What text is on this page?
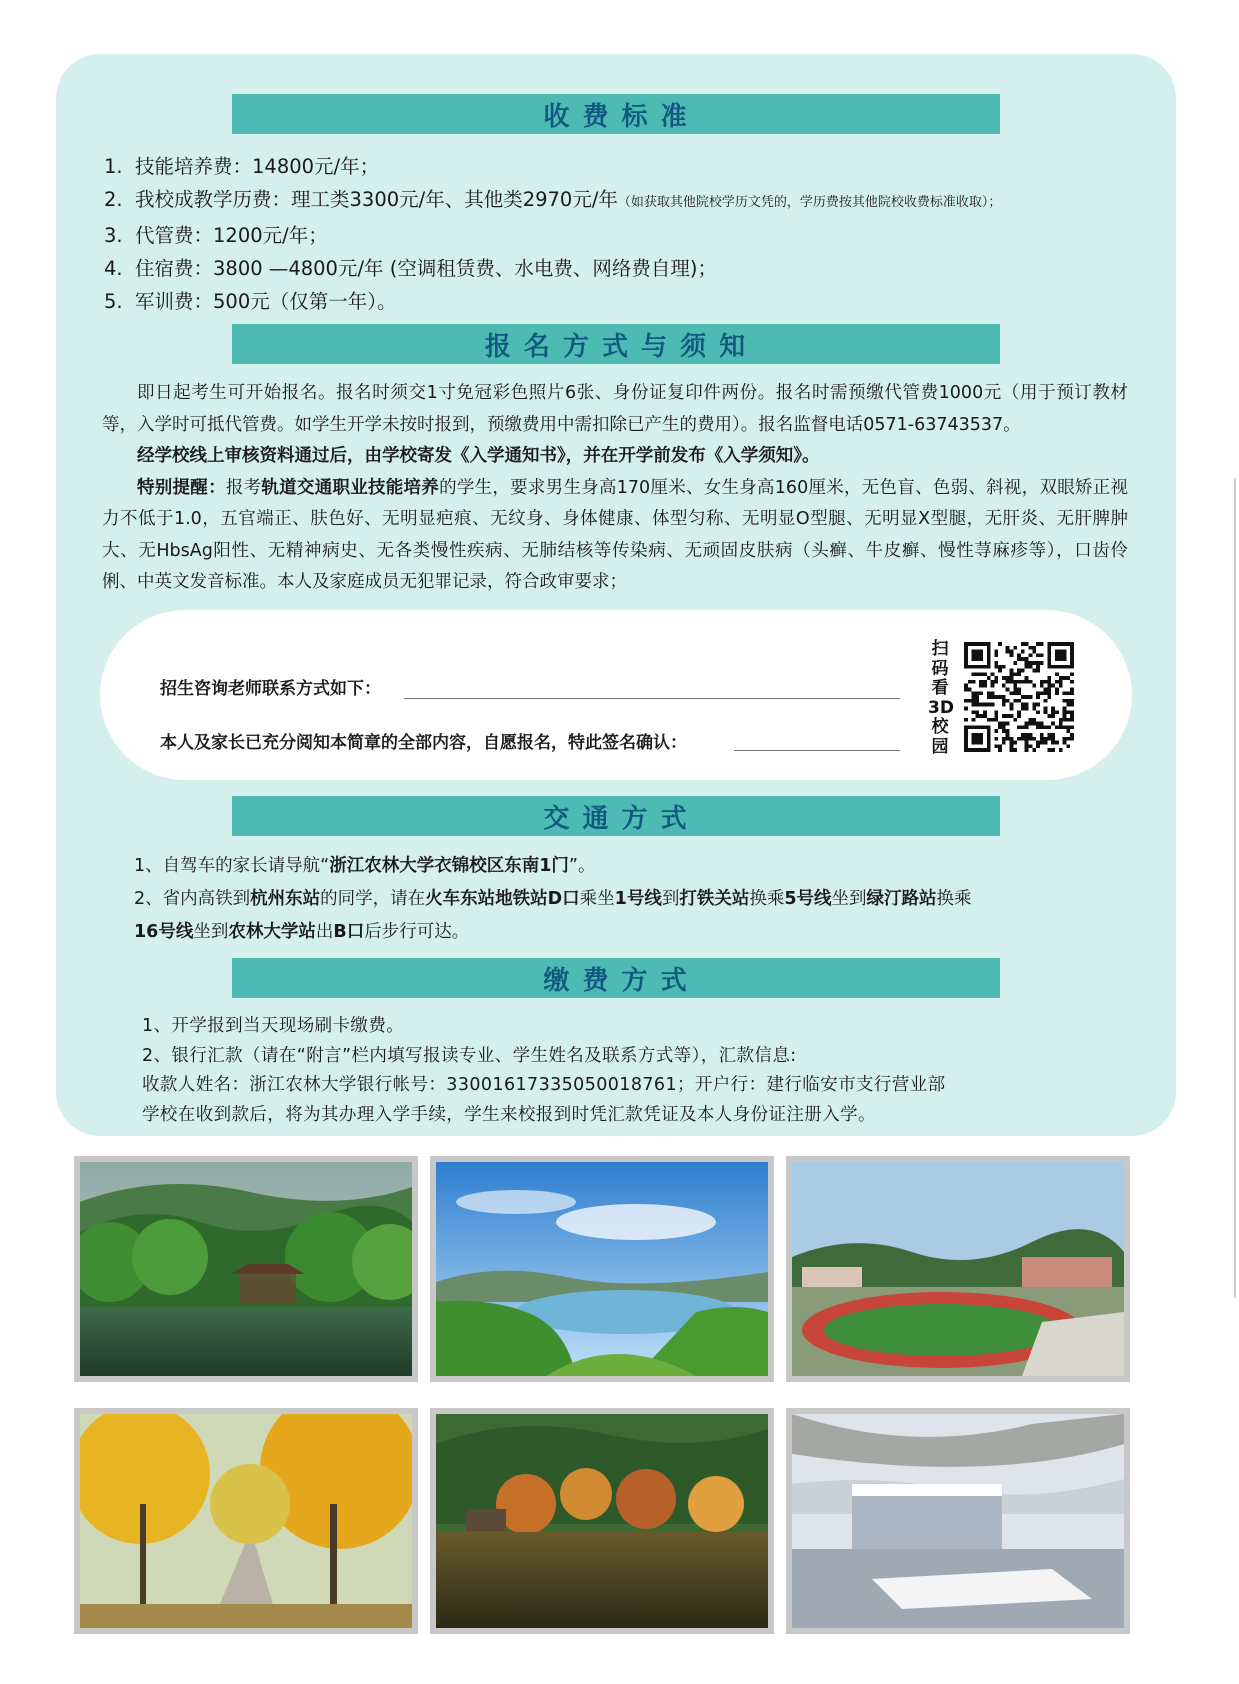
收 费 标 准
1. 技能培养费：14800元/年；
2. 我校成教学历费：理工类3300元/年、其他类2970元/年（如获取其他院校学历文凭的，学历费按其他院校收费标准收取）；
3. 代管费：1200元/年；
4. 住宿费：3800 —4800元/年 (空调租赁费、水电费、网络费自理)；
5. 军训费：500元（仅第一年）。
报 名 方 式 与 须 知

即日起考生可开始报名。报名时须交1寸免冠彩色照片6张、身份证复印件两份。报名时需预缴代管费1000元（用于预订教材等，入学时可抵代管费。如学生开学未按时报到，预缴费用中需扣除已产生的费用）。报名监督电话0571-63743537。

经学校线上审核资料通过后，由学校寄发《入学通知书》，并在开学前发布《入学须知》。

特别提醒：报考轨道交通职业技能培养的学生，要求男生身高170厘米、女生身高160厘米，无色盲、色弱、斜视，双眼矫正视力不低于1.0，五官端正、肤色好、无明显疤痕、无纹身、身体健康、体型匀称、无明显O型腿、无明显X型腿，无肝炎、无肝脾肿大、无HbsAg阳性、无精神病史、无各类慢性疾病、无肺结核等传染病、无顽固皮肤病（头癣、牛皮癣、慢性荨麻疹等），口齿伶俐、中英文发音标准。本人及家庭成员无犯罪记录，符合政审要求；

招生咨询老师联系方式如下：
本人及家长已充分阅知本简章的全部内容，自愿报名，特此签名确认：
扫码看3D校园
交 通 方 式

1、自驾车的家长请导航“浙江农林大学衣锦校区东南1门”。

2、省内高铁到杭州东站的同学，请在火车东站地铁站D口乘坐1号线到打铁关站换乘5号线坐到绿汀路站换乘

16号线坐到农林大学站出B口后步行可达。

缴 费 方 式

1、开学报到当天现场刷卡缴费。

2、银行汇款（请在“附言”栏内填写报读专业、学生姓名及联系方式等），汇款信息:

收款人姓名：浙江农林大学银行帐号：33001617335050018761；开户行：建行临安市支行营业部

学校在收到款后，将为其办理入学手续，学生来校报到时凭汇款凭证及本人身份证注册入学。
